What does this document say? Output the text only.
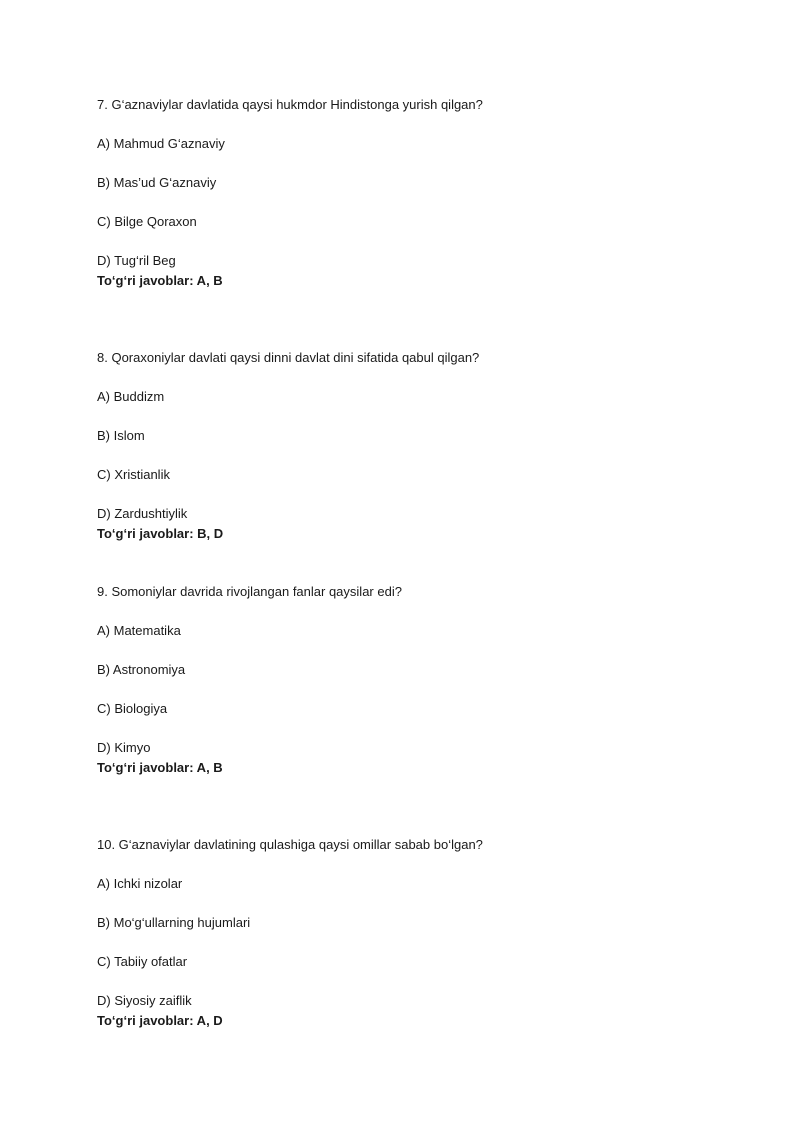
7. G‘aznaviylar davlatida qaysi hukmdor Hindistonga yurish qilgan?
A) Mahmud G‘aznaviy
B) Mas’ud G‘aznaviy
C) Bilge Qoraxon
D) Tug‘ril Beg
To‘g‘ri javoblar: A, B
8. Qoraxoniylar davlati qaysi dinni davlat dini sifatida qabul qilgan?
A) Buddizm
B) Islom
C) Xristianlik
D) Zardushtiylik
To‘g‘ri javoblar: B, D
9. Somoniylar davrida rivojlangan fanlar qaysilar edi?
A) Matematika
B) Astronomiya
C) Biologiya
D) Kimyo
To‘g‘ri javoblar: A, B
10. G‘aznaviylar davlatining qulashiga qaysi omillar sabab bo‘lgan?
A) Ichki nizolar
B) Mo‘g‘ullarning hujumlari
C) Tabiiy ofatlar
D) Siyosiy zaiflik
To‘g‘ri javoblar: A, D
